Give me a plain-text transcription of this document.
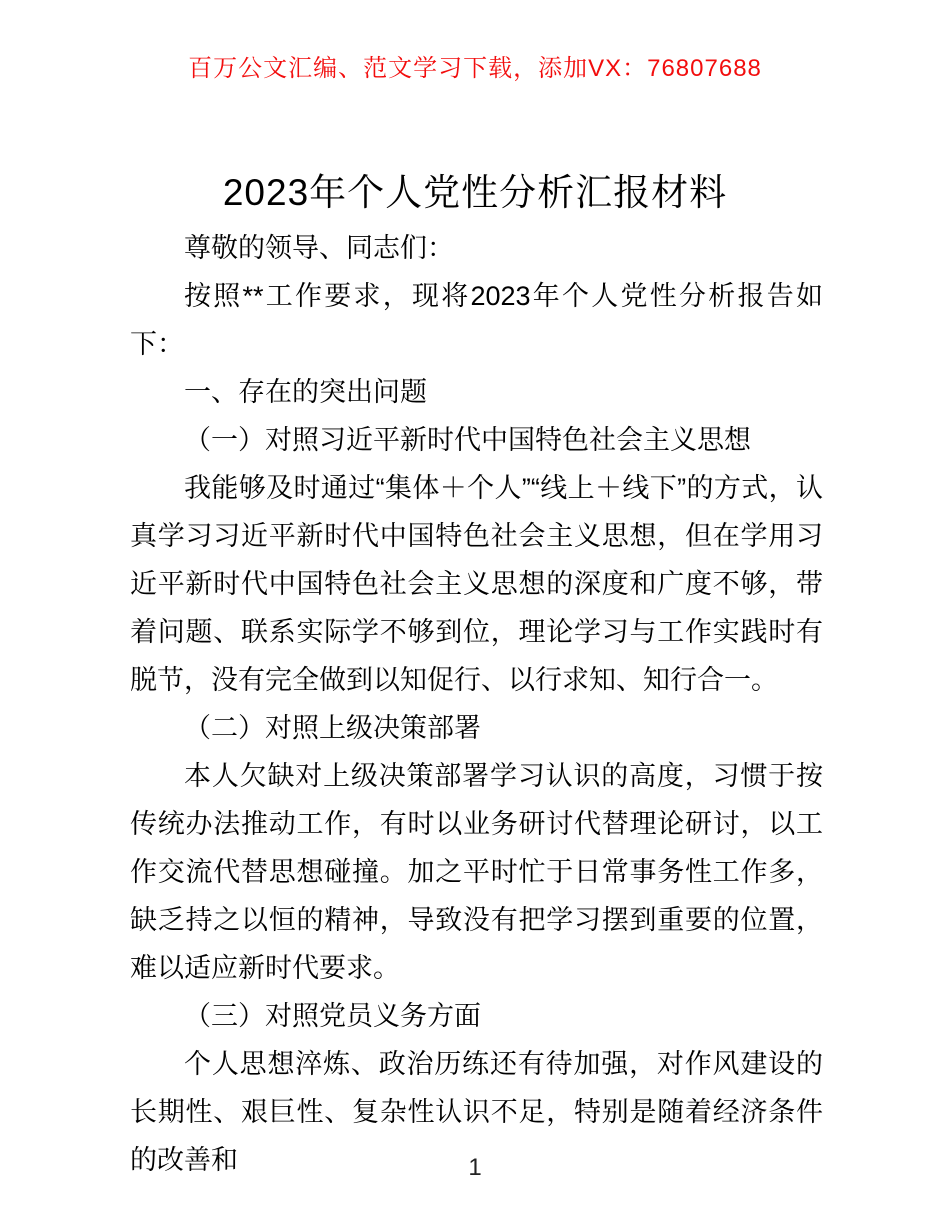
百万公文汇编、范文学习下载，添加VX：76807688
2023年个人党性分析汇报材料

尊敬的领导、同志们：

按照**工作要求，现将2023年个人党性分析报告如下：

一、存在的突出问题

（一）对照习近平新时代中国特色社会主义思想

我能够及时通过“集体＋个人”“线上＋线下”的方式，认真学习习近平新时代中国特色社会主义思想，但在学用习近平新时代中国特色社会主义思想的深度和广度不够，带着问题、联系实际学不够到位，理论学习与工作实践时有脱节，没有完全做到以知促行、以行求知、知行合一。

（二）对照上级决策部署

本人欠缺对上级决策部署学习认识的高度，习惯于按传统办法推动工作，有时以业务研讨代替理论研讨，以工作交流代替思想碰撞。加之平时忙于日常事务性工作多，缺乏持之以恒的精神，导致没有把学习摆到重要的位置，难以适应新时代要求。

（三）对照党员义务方面

个人思想淬炼、政治历练还有待加强，对作风建设的长期性、艰巨性、复杂性认识不足，特别是随着经济条件的改善和	1
